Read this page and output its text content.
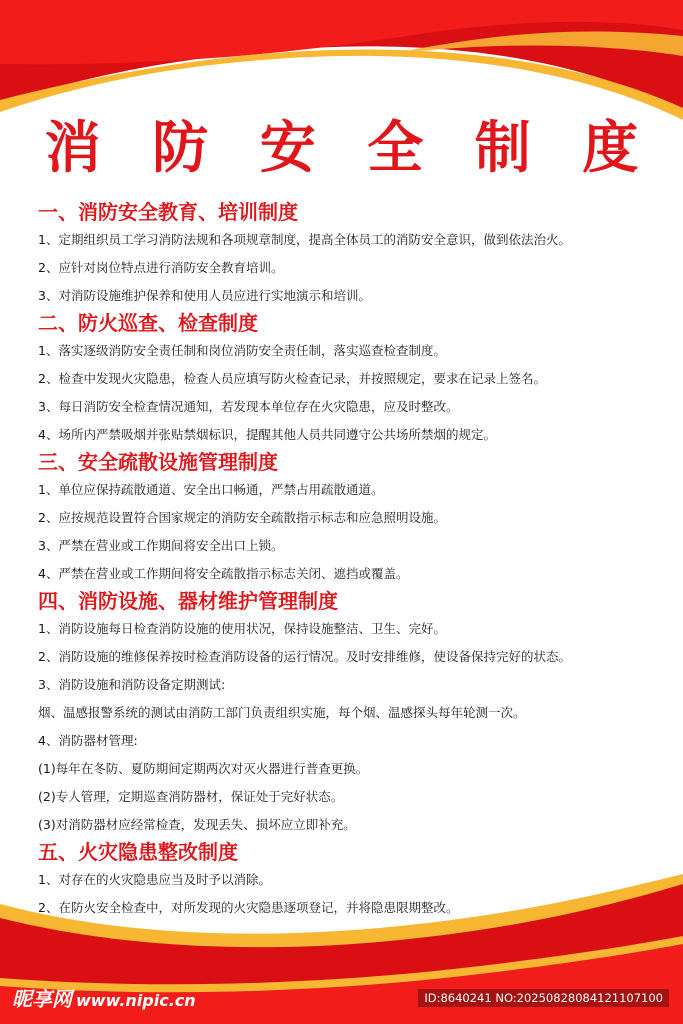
消 防 安 全 制 度
一、消防安全教育、培训制度
1、定期组织员工学习消防法规和各项规章制度，提高全体员工的消防安全意识，做到依法治火。
2、应针对岗位特点进行消防安全教育培训。
3、对消防设施维护保养和使用人员应进行实地演示和培训。
二、防火巡查、检查制度
1、落实逐级消防安全责任制和岗位消防安全责任制，落实巡查检查制度。
2、检查中发现火灾隐患，检查人员应填写防火检查记录，并按照规定，要求在记录上签名。
3、每日消防安全检查情况通知，若发现本单位存在火灾隐患，应及时整改。
4、场所内严禁吸烟并张贴禁烟标识，提醒其他人员共同遵守公共场所禁烟的规定。
三、安全疏散设施管理制度
1、单位应保持疏散通道、安全出口畅通，严禁占用疏散通道。
2、应按规范设置符合国家规定的消防安全疏散指示标志和应急照明设施。
3、严禁在营业或工作期间将安全出口上锁。
4、严禁在营业或工作期间将安全疏散指示标志关闭、遮挡或覆盖。
四、消防设施、器材维护管理制度
1、消防设施每日检查消防设施的使用状况，保持设施整洁、卫生、完好。
2、消防设施的维修保养按时检查消防设备的运行情况。及时安排维修，使设备保持完好的状态。
3、消防设施和消防设备定期测试:
烟、温感报警系统的测试由消防工部门负责组织实施，每个烟、温感探头每年轮测一次。
4、消防器材管理:
(1)每年在冬防、夏防期间定期两次对灭火器进行普查更换。
(2)专人管理，定期巡查消防器材，保证处于完好状态。
(3)对消防器材应经常检查，发现丢失、损坏应立即补充。
五、火灾隐患整改制度
1、对存在的火灾隐患应当及时予以消除。
2、在防火安全检查中，对所发现的火灾隐患逐项登记，并将隐患限期整改。
昵享网 www.nipic.cn	ID:8640241 NO:20250828084121107100
